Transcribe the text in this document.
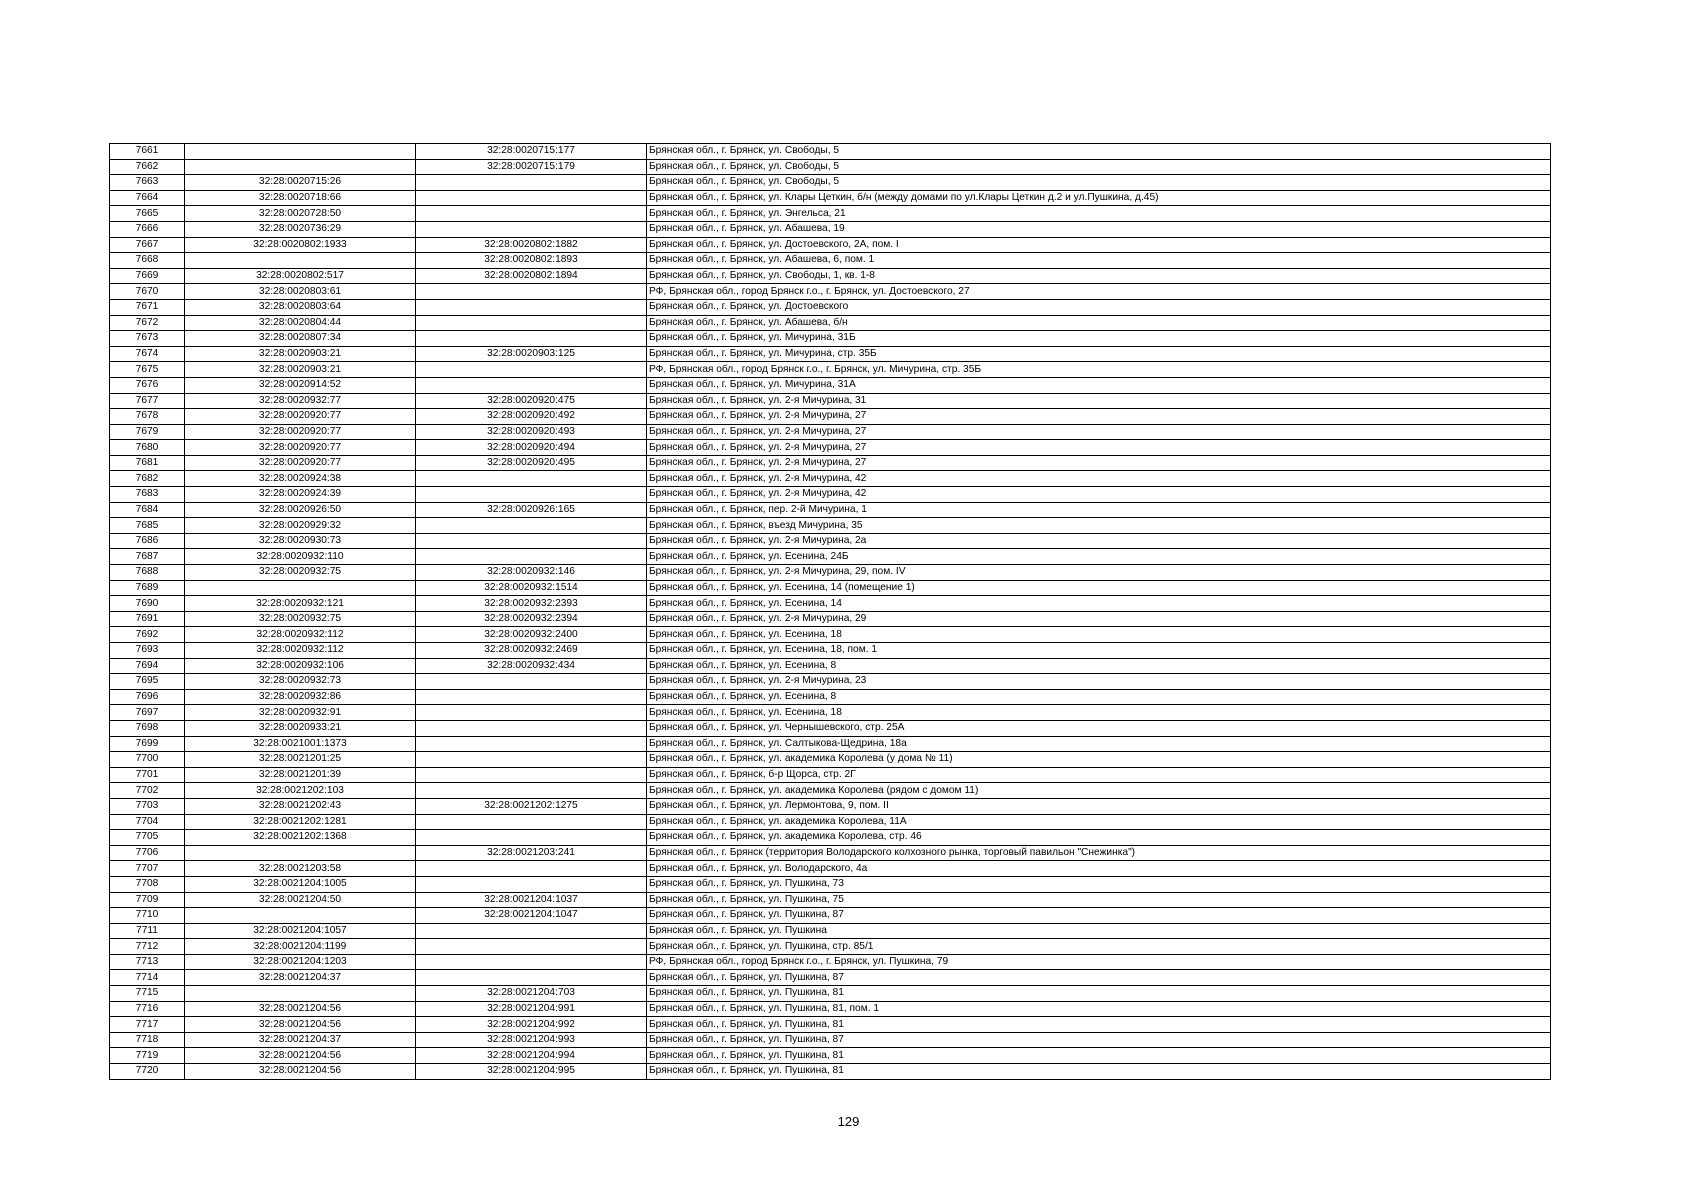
7661		32:28:0020715:177	Брянская обл., г. Брянск, ул. Свободы, 5
7662		32:28:0020715:179	Брянская обл., г. Брянск, ул. Свободы, 5
7663	32:28:0020715:26		Брянская обл., г. Брянск, ул. Свободы, 5
7664	32:28:0020718:66		Брянская обл., г. Брянск, ул. Клары Цеткин, б/н (между домами по ул.Клары Цеткин д.2 и ул.Пушкина, д.45)
7665	32:28:0020728:50		Брянская обл., г. Брянск, ул. Энгельса, 21
7666	32:28:0020736:29		Брянская обл., г. Брянск, ул. Абашева, 19
7667	32:28:0020802:1933	32:28:0020802:1882	Брянская обл., г. Брянск, ул. Достоевского, 2А, пом. I
7668		32:28:0020802:1893	Брянская обл., г. Брянск, ул. Абашева, 6, пом. 1
7669	32:28:0020802:517	32:28:0020802:1894	Брянская обл., г. Брянск, ул. Свободы, 1, кв. 1-8
7670	32:28:0020803:61		РФ, Брянская обл., город Брянск г.о., г. Брянск, ул. Достоевского, 27
7671	32:28:0020803:64		Брянская обл., г. Брянск, ул. Достоевского
7672	32:28:0020804:44		Брянская обл., г. Брянск, ул. Абашева, б/н
7673	32:28:0020807:34		Брянская обл., г. Брянск, ул. Мичурина, 31Б
7674	32:28:0020903:21	32:28:0020903:125	Брянская обл., г. Брянск, ул. Мичурина, стр. 35Б
7675	32:28:0020903:21		РФ, Брянская обл., город Брянск г.о., г. Брянск, ул. Мичурина, стр. 35Б
7676	32:28:0020914:52		Брянская обл., г. Брянск, ул. Мичурина, 31А
7677	32:28:0020932:77	32:28:0020920:475	Брянская обл., г. Брянск, ул. 2-я Мичурина, 31
7678	32:28:0020920:77	32:28:0020920:492	Брянская обл., г. Брянск, ул. 2-я Мичурина, 27
7679	32:28:0020920:77	32:28:0020920:493	Брянская обл., г. Брянск, ул. 2-я Мичурина, 27
7680	32:28:0020920:77	32:28:0020920:494	Брянская обл., г. Брянск, ул. 2-я Мичурина, 27
7681	32:28:0020920:77	32:28:0020920:495	Брянская обл., г. Брянск, ул. 2-я Мичурина, 27
7682	32:28:0020924:38		Брянская обл., г. Брянск, ул. 2-я Мичурина, 42
7683	32:28:0020924:39		Брянская обл., г. Брянск, ул. 2-я Мичурина, 42
7684	32:28:0020926:50	32:28:0020926:165	Брянская обл., г. Брянск, пер. 2-й Мичурина, 1
7685	32:28:0020929:32		Брянская обл., г. Брянск, въезд Мичурина, 35
7686	32:28:0020930:73		Брянская обл., г. Брянск, ул. 2-я Мичурина, 2а
7687	32:28:0020932:110		Брянская обл., г. Брянск, ул. Есенина, 24Б
7688	32:28:0020932:75	32:28:0020932:146	Брянская обл., г. Брянск, ул. 2-я Мичурина, 29, пом. IV
7689		32:28:0020932:1514	Брянская обл., г. Брянск, ул. Есенина, 14 (помещение 1)
7690	32:28:0020932:121	32:28:0020932:2393	Брянская обл., г. Брянск, ул. Есенина, 14
7691	32:28:0020932:75	32:28:0020932:2394	Брянская обл., г. Брянск, ул. 2-я Мичурина, 29
7692	32:28:0020932:112	32:28:0020932:2400	Брянская обл., г. Брянск, ул. Есенина, 18
7693	32:28:0020932:112	32:28:0020932:2469	Брянская обл., г. Брянск, ул. Есенина, 18, пом. 1
7694	32:28:0020932:106	32:28:0020932:434	Брянская обл., г. Брянск, ул. Есенина, 8
7695	32:28:0020932:73		Брянская обл., г. Брянск, ул. 2-я Мичурина, 23
7696	32:28:0020932:86		Брянская обл., г. Брянск, ул. Есенина, 8
7697	32:28:0020932:91		Брянская обл., г. Брянск, ул. Есенина, 18
7698	32:28:0020933:21		Брянская обл., г. Брянск, ул. Чернышевского, стр. 25А
7699	32:28:0021001:1373		Брянская обл., г. Брянск, ул. Салтыкова-Щедрина, 18а
7700	32:28:0021201:25		Брянская обл., г. Брянск, ул. академика Королева (у дома № 11)
7701	32:28:0021201:39		Брянская обл., г. Брянск, б-р Щорса, стр. 2Г
7702	32:28:0021202:103		Брянская обл., г. Брянск, ул. академика Королева (рядом с домом 11)
7703	32:28:0021202:43	32:28:0021202:1275	Брянская обл., г. Брянск, ул. Лермонтова, 9, пом. II
7704	32:28:0021202:1281		Брянская обл., г. Брянск, ул. академика Королева, 11А
7705	32:28:0021202:1368		Брянская обл., г. Брянск, ул. академика Королева, стр. 46
7706		32:28:0021203:241	Брянская обл., г. Брянск (территория Володарского колхозного рынка, торговый павильон "Снежинка")
7707	32:28:0021203:58		Брянская обл., г. Брянск, ул. Володарского, 4а
7708	32:28:0021204:1005		Брянская обл., г. Брянск, ул. Пушкина, 73
7709	32:28:0021204:50	32:28:0021204:1037	Брянская обл., г. Брянск, ул. Пушкина, 75
7710		32:28:0021204:1047	Брянская обл., г. Брянск, ул. Пушкина, 87
7711	32:28:0021204:1057		Брянская обл., г. Брянск, ул. Пушкина
7712	32:28:0021204:1199		Брянская обл., г. Брянск, ул. Пушкина, стр. 85/1
7713	32:28:0021204:1203		РФ, Брянская обл., город Брянск г.о., г. Брянск, ул. Пушкина, 79
7714	32:28:0021204:37		Брянская обл., г. Брянск, ул. Пушкина, 87
7715		32:28:0021204:703	Брянская обл., г. Брянск, ул. Пушкина, 81
7716	32:28:0021204:56	32:28:0021204:991	Брянская обл., г. Брянск, ул. Пушкина, 81, пом. 1
7717	32:28:0021204:56	32:28:0021204:992	Брянская обл., г. Брянск, ул. Пушкина, 81
7718	32:28:0021204:37	32:28:0021204:993	Брянская обл., г. Брянск, ул. Пушкина, 87
7719	32:28:0021204:56	32:28:0021204:994	Брянская обл., г. Брянск, ул. Пушкина, 81
7720	32:28:0021204:56	32:28:0021204:995	Брянская обл., г. Брянск, ул. Пушкина, 81
129
